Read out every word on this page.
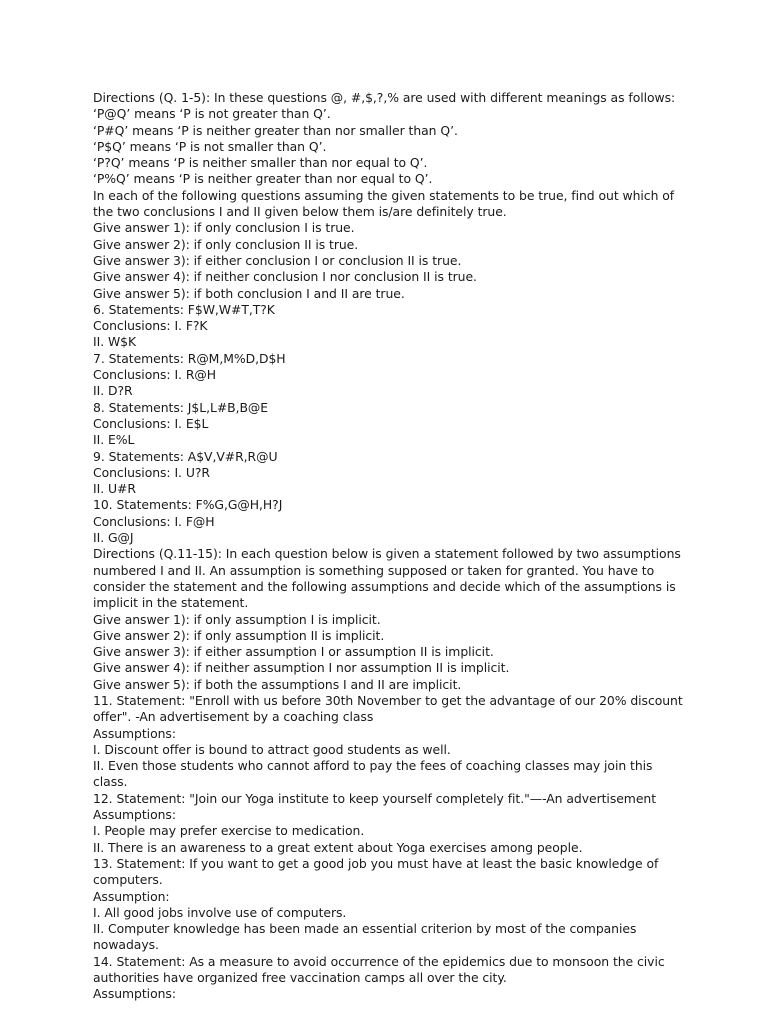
Directions (Q. 1-5): In these questions @, #,$,?,% are used with different meanings as follows:
‘P@Q’ means ‘P is not greater than Q’.
‘P#Q’ means ‘P is neither greater than nor smaller than Q’.
‘P$Q’ means ‘P is not smaller than Q’.
‘P?Q’ means ‘P is neither smaller than nor equal to Q’.
‘P%Q’ means ‘P is neither greater than nor equal to Q’.
In each of the following questions assuming the given statements to be true, find out which of the two conclusions I and II given below them is/are definitely true.
Give answer 1): if only conclusion I is true.
Give answer 2): if only conclusion II is true.
Give answer 3): if either conclusion I or conclusion II is true.
Give answer 4): if neither conclusion I nor conclusion II is true.
Give answer 5): if both conclusion I and II are true.
6. Statements: F$W,W#T,T?K
Conclusions: I. F?K
II. W$K
7. Statements: R@M,M%D,D$H
Conclusions: I. R@H
II. D?R
8. Statements: J$L,L#B,B@E
Conclusions: I. E$L
II. E%L
9. Statements: A$V,V#R,R@U
Conclusions: I. U?R
II. U#R
10. Statements: F%G,G@H,H?J
Conclusions: I. F@H
II. G@J
Directions (Q.11-15): In each question below is given a statement followed by two assumptions numbered I and II. An assumption is something supposed or taken for granted. You have to consider the statement and the following assumptions and decide which of the assumptions is implicit in the statement.
Give answer 1): if only assumption I is implicit.
Give answer 2): if only assumption II is implicit.
Give answer 3): if either assumption I or assumption II is implicit.
Give answer 4): if neither assumption I nor assumption II is implicit.
Give answer 5): if both the assumptions I and II are implicit.
11. Statement: "Enroll with us before 30th November to get the advantage of our 20% discount offer". -An advertisement by a coaching class
Assumptions:
I. Discount offer is bound to attract good students as well.
II. Even those students who cannot afford to pay the fees of coaching classes may join this class.
12. Statement: "Join our Yoga institute to keep yourself completely fit."—-An advertisement
Assumptions:
I. People may prefer exercise to medication.
II. There is an awareness to a great extent about Yoga exercises among people.
13. Statement: If you want to get a good job you must have at least the basic knowledge of computers.
Assumption:
I. All good jobs involve use of computers.
II. Computer knowledge has been made an essential criterion by most of the companies nowadays.
14. Statement: As a measure to avoid occurrence of the epidemics due to monsoon the civic authorities have organized free vaccination camps all over the city.
Assumptions:
